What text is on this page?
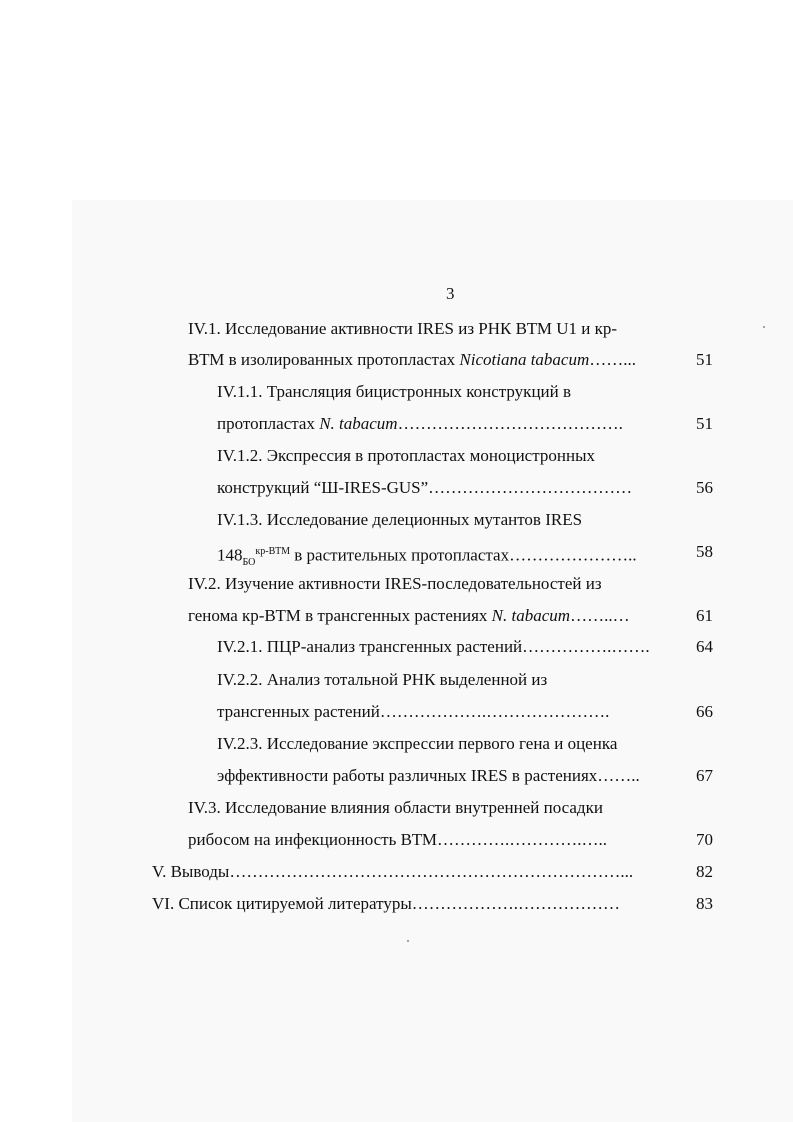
3
IV.1. Исследование активности IRES из РНК ВТМ U1 и кр-
ВТМ в изолированных протопластах Nicotiana tabacum……...	51
IV.1.1. Трансляция бицистронных конструкций в
протопластах N. tabacum………………………………….	51
IV.1.2. Экспрессия в протопластах моноцистронных
конструкций “Ш-IRES-GUS”………………………………	56
IV.1.3. Исследование делеционных мутантов IRES
$148_{БО}^{кр-ВТМ}$ в растительных протопластах…………………..	58
IV.2. Изучение активности IRES-последовательностей из
генома кр-ВТМ в трансгенных растениях N. tabacum……..…	61
IV.2.1. ПЦР-анализ трансгенных растений…………….…….	64
IV.2.2. Анализ тотальной РНК выделенной из
трансгенных растений……………….………………….	66
IV.2.3. Исследование экспрессии первого гена и оценка
эффективности работы различных IRES в растениях……..	67
IV.3. Исследование влияния области внутренней посадки
рибосом на инфекционность ВТМ………….………….…..	70
V. Выводы……………………………………………………………...	82
VI. Список цитируемой литературы……………….………………	83
